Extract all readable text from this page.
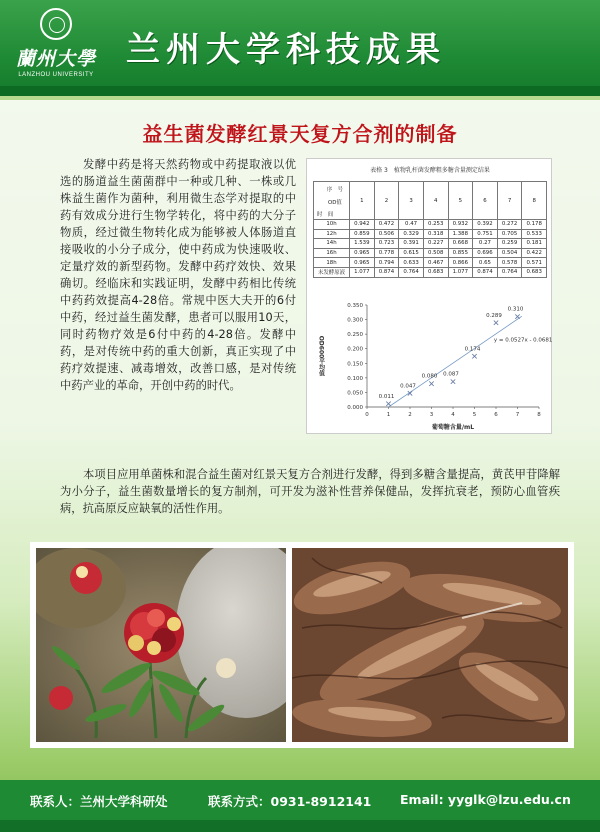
蘭州大學
LANZHOU UNIVERSITY
兰州大学科技成果
益生菌发酵红景天复方合剂的制备
发酵中药是将天然药物或中药提取液以优选的肠道益生菌菌群中一种或几种、一株或几株益生菌作为菌种，利用微生态学对提取的中药有效成分进行生物学转化，将中药的大分子物质，经过微生物转化成为能够被人体肠道直接吸收的小分子成分，使中药成为快速吸收、定量疗效的新型药物。发酵中药疗效快、效果确切。经临床和实践证明，发酵中药相比传统中药药效提高4-28倍。常规中医大夫开的6付中药，经过益生菌发酵，患者可以服用10天，同时药物疗效是6付中药的4-28倍。发酵中药，是对传统中药的重大创新，真正实现了中药疗效提速、减毒增效，改善口感，是对传统中药产业的革命，开创中药的时代。
表格 3　植物乳杆菌发酵粗多糖含量测定结果
序　号
OD值
时　间	1	2	3	4	5	6	7	8
10h	0.942	0.472	0.47	0.253	0.932	0.392	0.272	0.178
12h	0.859	0.506	0.329	0.318	1.388	0.751	0.705	0.533
14h	1.539	0.723	0.391	0.227	0.668	0.27	0.259	0.181
16h	0.965	0.778	0.615	0.508	0.855	0.696	0.504	0.422
18h	0.965	0.794	0.633	0.467	0.866	0.65	0.578	0.571
未发酵原液	1.077	0.874	0.764	0.683	1.077	0.874	0.764	0.683
0.000
0.050
0.100
0.150
0.200
0.250
0.300
0.350
0	1	2	3	4	5	6	7	8
y = 0.0527x - 0.0681
0.011
0.047
0.080 0.087
0.174
0.289
0.310
葡萄糖含量/mL
OD600平均值
本项目应用单菌株和混合益生菌对红景天复方合剂进行发酵，得到多糖含量提高，黄芪甲苷降解为小分子，益生菌数量增长的复方制剂，可开发为滋补性营养保健品，发挥抗衰老，预防心血管疾病，抗高原反应缺氧的活性作用。
联系人：兰州大学科研处	联系方式：0931-8912141 Email: yyglk@lzu.edu.cn
